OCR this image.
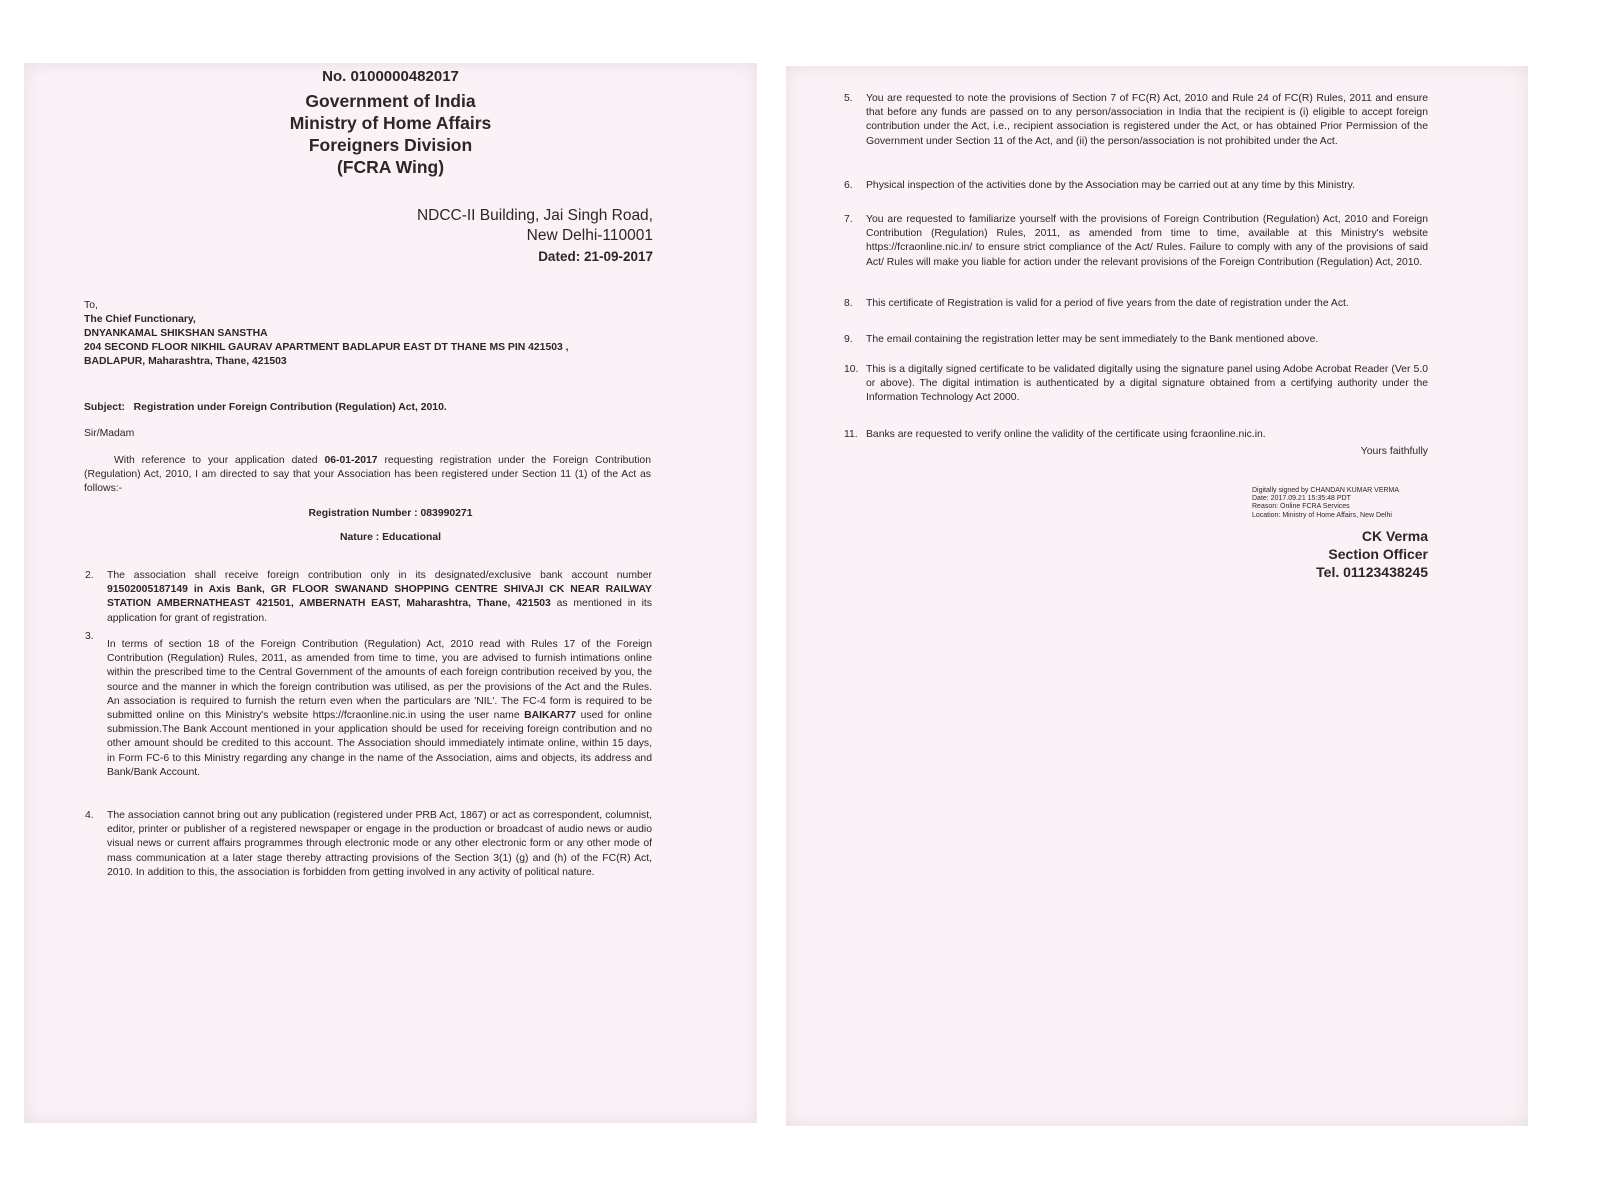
No. 0100000482017
Government of India
Ministry of Home Affairs
Foreigners Division
(FCRA Wing)
NDCC-II Building, Jai Singh Road,
New Delhi-110001
Dated: 21-09-2017
To,
The Chief Functionary,
DNYANKAMAL SHIKSHAN SANSTHA
204 SECOND FLOOR NIKHIL GAURAV APARTMENT BADLAPUR EAST DT THANE MS PIN 421503 ,
BADLAPUR, Maharashtra, Thane, 421503
Subject: Registration under Foreign Contribution (Regulation) Act, 2010.
Sir/Madam
With reference to your application dated 06-01-2017 requesting registration under the Foreign Contribution (Regulation) Act, 2010, I am directed to say that your Association has been registered under Section 11 (1) of the Act as follows:-
Registration Number : 083990271
Nature : Educational
2. The association shall receive foreign contribution only in its designated/exclusive bank account number 91502005187149 in Axis Bank, GR FLOOR SWANAND SHOPPING CENTRE SHIVAJI CK NEAR RAILWAY STATION AMBERNATHEAST 421501, AMBERNATH EAST, Maharashtra, Thane, 421503 as mentioned in its application for grant of registration.
3.
In terms of section 18 of the Foreign Contribution (Regulation) Act, 2010 read with Rules 17 of the Foreign Contribution (Regulation) Rules, 2011, as amended from time to time, you are advised to furnish intimations online within the prescribed time to the Central Government of the amounts of each foreign contribution received by you, the source and the manner in which the foreign contribution was utilised, as per the provisions of the Act and the Rules. An association is required to furnish the return even when the particulars are 'NIL'. The FC-4 form is required to be submitted online on this Ministry's website https://fcraonline.nic.in using the user name BAIKAR77 used for online submission.The Bank Account mentioned in your application should be used for receiving foreign contribution and no other amount should be credited to this account. The Association should immediately intimate online, within 15 days, in Form FC-6 to this Ministry regarding any change in the name of the Association, aims and objects, its address and Bank/Bank Account.
4. The association cannot bring out any publication (registered under PRB Act, 1867) or act as correspondent, columnist, editor, printer or publisher of a registered newspaper or engage in the production or broadcast of audio news or audio visual news or current affairs programmes through electronic mode or any other electronic form or any other mode of mass communication at a later stage thereby attracting provisions of the Section 3(1) (g) and (h) of the FC(R) Act, 2010. In addition to this, the association is forbidden from getting involved in any activity of political nature.
5. You are requested to note the provisions of Section 7 of FC(R) Act, 2010 and Rule 24 of FC(R) Rules, 2011 and ensure that before any funds are passed on to any person/association in India that the recipient is (i) eligible to accept foreign contribution under the Act, i.e., recipient association is registered under the Act, or has obtained Prior Permission of the Government under Section 11 of the Act, and (ii) the person/association is not prohibited under the Act.
6. Physical inspection of the activities done by the Association may be carried out at any time by this Ministry.
7. You are requested to familiarize yourself with the provisions of Foreign Contribution (Regulation) Act, 2010 and Foreign Contribution (Regulation) Rules, 2011, as amended from time to time, available at this Ministry's website https://fcraonline.nic.in/ to ensure strict compliance of the Act/ Rules. Failure to comply with any of the provisions of said Act/ Rules will make you liable for action under the relevant provisions of the Foreign Contribution (Regulation) Act, 2010.
8. This certificate of Registration is valid for a period of five years from the date of registration under the Act.
9. The email containing the registration letter may be sent immediately to the Bank mentioned above.
10. This is a digitally signed certificate to be validated digitally using the signature panel using Adobe Acrobat Reader (Ver 5.0 or above). The digital intimation is authenticated by a digital signature obtained from a certifying authority under the Information Technology Act 2000.
11. Banks are requested to verify online the validity of the certificate using fcraonline.nic.in.
Yours faithfully
Digitally signed by CHANDAN KUMAR VERMA
Date: 2017.09.21 15:35:48 PDT
Reason: Online FCRA Services
Location: Ministry of Home Affairs, New Delhi
CK Verma
Section Officer
Tel. 01123438245
